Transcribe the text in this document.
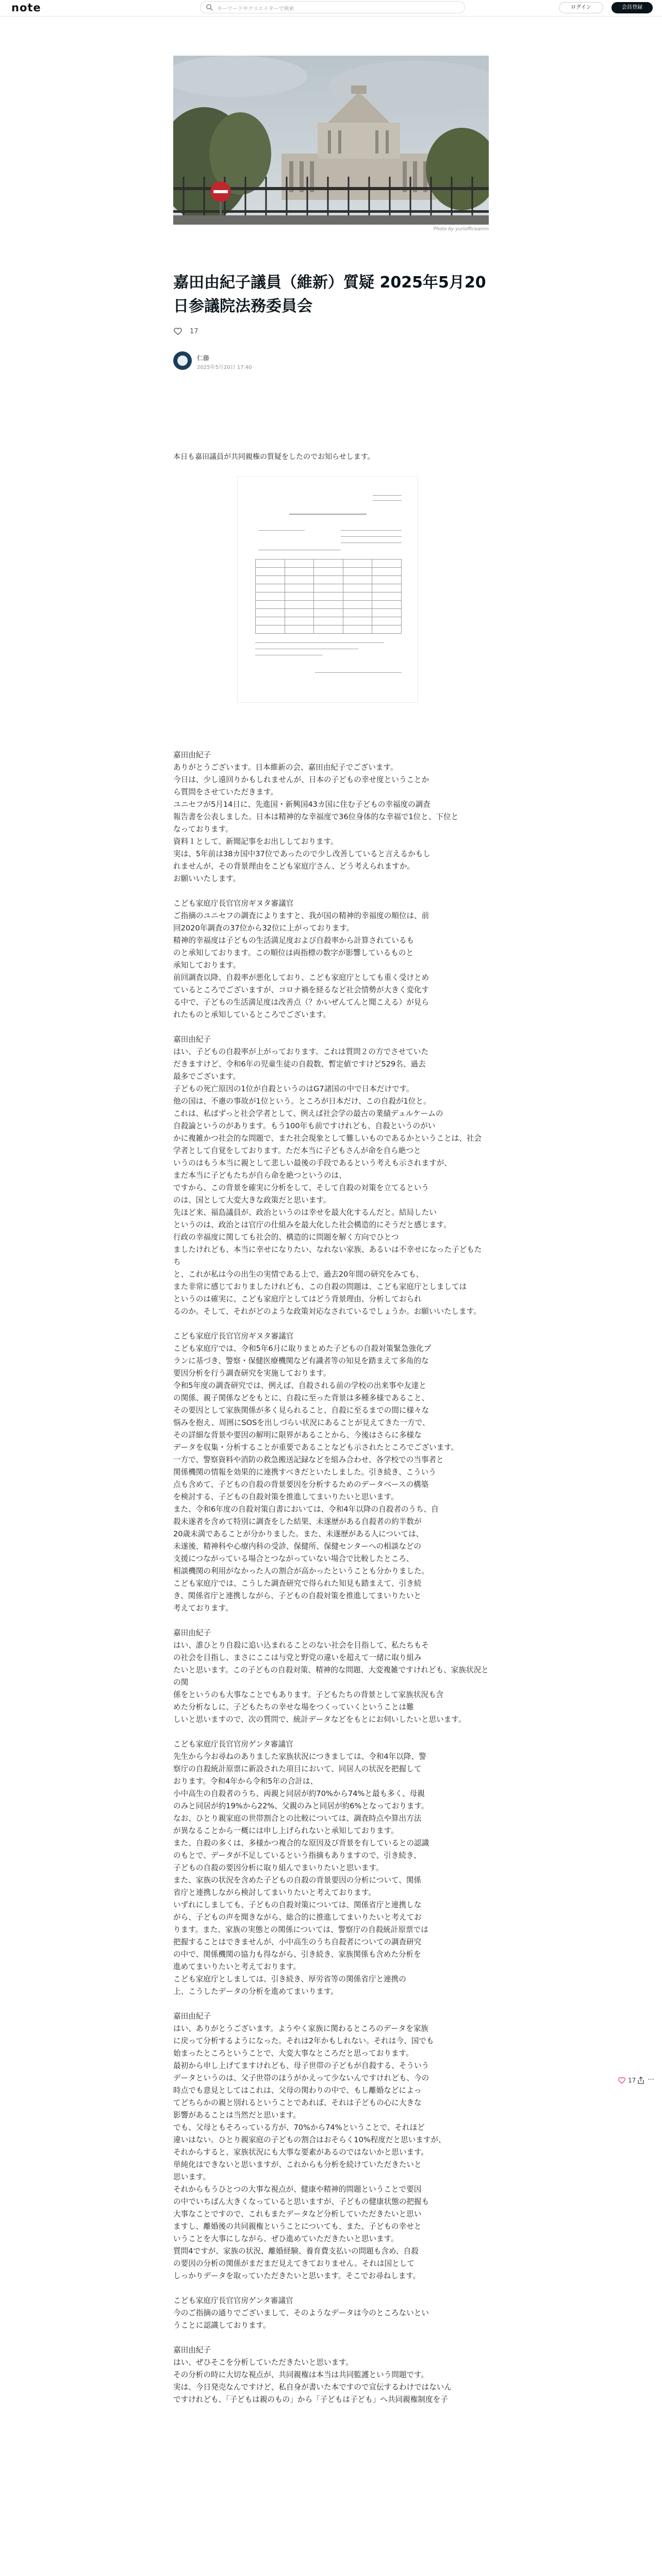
note	キーワードやクリエイターで検索	ログイン	会員登録
Photo by yuriofficeamin
嘉田由紀子議員（維新）質疑 2025年5月20日参議院法務委員会
17
仁藤
2025年5月20日 17:40

本日も嘉田議員が共同親権の質疑をしたのでお知らせします。

嘉田由紀子
ありがとうございます。日本維新の会、嘉田由紀子でございます。
今日は、少し遠回りかもしれませんが、日本の子どもの幸せ度ということか
ら質問をさせていただきます。
ユニセフが5月14日に、先進国・新興国43カ国に住む子どもの幸福度の調査
報告書を公表しました。日本は精神的な幸福度で36位身体的な幸福で1位と、下位と
なっております。
資料１として、新聞記事をお出ししております。
実は、5年前は38カ国中37位であったので少し改善していると言えるかもし
れませんが、その背景理由をこども家庭庁さん、どう考えられますか。
お願いいたします。

こども家庭庁長官官房ギヌタ審議官
ご指摘のユニセフの調査によりますと、我が国の精神的幸福度の順位は、前
回2020年調査の37位から32位に上がっております。
精神的幸福度は子どもの生活満足度および自殺率から計算されているも
のと承知しております。この順位は両指標の数字が影響しているものと
承知しております。
前回調査以降、自殺率が悪化しており、こども家庭庁としても重く受けとめ
ているところでございますが、コロナ禍を経るなど社会情勢が大きく変化す
る中で、子どもの生活満足度は改善点（？かいぜんてんと聞こえる）が見ら
れたものと承知しているところでございます。

嘉田由紀子
はい、子どもの自殺率が上がっております。これは質問２の方でさせていた
だきますけど、令和6年の児童生徒の自殺数、暫定値ですけど529名、過去
最多でございます。
子どもの死亡原因の1位が自殺というのはG7諸国の中で日本だけです。
他の国は、不慮の事故が1位という。ところが日本だけ、この自殺が1位と。
これは、私ばずっと社会学者として、例えば社会学の最古の業績デュルケームの
自殺論というのがあります。もう100年も前ですけれども、自殺というのがい
かに複雑かつ社会的な問題で、また社会現象として難しいものであるかということは、社会
学者として自覚をしております。ただ本当に子どもさんが命を自ら絶つと
いうのはもう本当に親として悲しい最後の手段であるという考えも示されますが、
まだ本当に子どもたちが自ら命を絶つというのは、
ですから、この背景を確実に分析をして、そして自殺の対策を立てるという
のは、国として大変大きな政策だと思います。
先ほど来、福島議員が、政治というのは幸せを最大化するんだと。結局したい
というのは、政治とは官庁の仕組みを最大化した社会構造的にそうだと感じます。
行政の幸福度に関しても社会的、構造的に問題を解く方向でひとつ
ましたけれども、本当に幸せになりたい、なれない家族、あるいは不幸せになった子どもたち
と、これが私は今の出生の実情である上で、過去20年間の研究をみても、
また非常に感じておりましたけれども、この自殺の問題は、こども家庭庁としましては
というのは確実に、こども家庭庁としてはどう背景理由、分析しておられ
るのか。そして、それがどのような政策対応なされているでしょうか。お願いいたします。

こども家庭庁長官官房ギヌタ審議官
こども家庭庁では、令和5年6月に取りまとめた子どもの自殺対策緊急強化プ
ランに基づき、警察・保健医療機関など有識者等の知見を踏まえて多角的な
要因分析を行う調査研究を実施しております。
令和5年度の調査研究では、例えば、自殺される前の学校の出来事や友達と
の関係、親子関係などをもとに、自殺に至った背景は多種多様であること、
その要因として家族関係が多く見られること、自殺に至るまでの間に様々な
悩みを抱え、周囲にSOSを出しづらい状況にあることが見えてきた一方で、
その詳細な背景や要因の解明に限界があることから、今後はさらに多様な
データを収集・分析することが重要であることなども示されたところでございます。
一方で、警察資料や消防の救急搬送記録などを組み合わせ、各学校での当事者と
関係機関の情報を効果的に連携すべきだといたしました。引き続き、こういう
点も含めて、子どもの自殺の背景要因を分析するためのデータベースの構築
を検討する、子どもの自殺対策を推進してまいりたいと思います。
また、令和6年度の自殺対策白書においては、令和4年以降の自殺者のうち、自
殺未遂者を含めて特別に調査をした結果、未遂歴がある自殺者の約半数が
20歳未満であることが分かりました。また、未遂歴がある人については、
未遂後、精神科や心療内科の受診、保健所、保健センターへの相談などの
支援につながっている場合とつながっていない場合で比較したところ、
相談機関の利用がなかった人の割合が高かったということも分かりました。
こども家庭庁では、こうした調査研究で得られた知見も踏まえて、引き続
き、関係省庁と連携しながら、子どもの自殺対策を推進してまいりたいと
考えております。

嘉田由紀子
はい、誰ひとり自殺に追い込まれることのない社会を目指して、私たちもそ
の社会を目指し、まさにここは与党と野党の違いを超えて一緒に取り組み
たいと思います。この子どもの自殺対策、精神的な問題、大変複雑ですけれども、家族状況との関
係をというのも大事なことでもあります。子どもたちの背景として家族状況も含
めた分析なしに、子どもたちの幸せな場をつくっていくということは難
しいと思いますので、次の質問で、統計データなどをもとにお伺いしたいと思います。

こども家庭庁長官官房ゲンタ審議官
先生から今お尋ねのありました家族状況につきましては、令和4年以降、警
察庁の自殺統計原票に新設された項目において、同居人の状況を把握して
おります。令和4年から令和5年の合計は、
小中高生の自殺者のうち、両親と同居が約70%から74%と最も多く、母親
のみと同居が約19%から22%、父親のみと同居が約6%となっております。
なお、ひとり親家庭の世帯割合との比較については、調査時点や算出方法
が異なることから一概には申し上げられないと承知しております。
また、自殺の多くは、多様かつ複合的な原因及び背景を有しているとの認識
のもとで、データが不足しているという指摘もありますので、引き続き、
子どもの自殺の要因分析に取り組んでまいりたいと思います。
また、家族の状況を含めた子どもの自殺の背景要因の分析について、関係
省庁と連携しながら検討してまいりたいと考えております。
いずれにしましても、子どもの自殺対策については、関係省庁と連携しな
がら、子どもの声を聞きながら、総合的に推進してまいりたいと考えてお
ります。また、家族の実態との関係については、警察庁の自殺統計原票では
把握することはできませんが、小中高生のうち自殺者についての調査研究
の中で、関係機関の協力も得ながら、引き続き、家族関係も含めた分析を
進めてまいりたいと考えております。
こども家庭庁としましては、引き続き、厚労省等の関係省庁と連携の
上、こうしたデータの分析を進めてまいります。

嘉田由紀子
はい、ありがとうございます。ようやく家族に関わるところのデータを家族
に戻って分析するようになった。それは2年かもしれない。それは今、国でも
始まったところということで、大変大事なところだと思っております。
最初から申し上げてますけれども、母子世帯の子どもが自殺する、そういう
データというのは、父子世帯のほうがかえって少ないんですけれども、今の
時点でも意見としてはこれは、父母の関わりの中で、もし離婚などによっ
てどちらかの親と別れるということであれば、それは子どもの心に大きな
影響があることは当然だと思います。
でも、父母ともそろっている方が、70%から74%ということで、それほど
違いはない。ひとり親家庭の子どもの割合はおそらく10%程度だと思いますが、
それからすると、家族状況にも大事な要素があるのではないかと思います。
単純化はできないと思いますが、これからも分析を続けていただきたいと
思います。
それからもうひとつの大事な視点が、健康や精神的問題ということで要因
の中でいちばん大きくなっていると思いますが、子どもの健康状態の把握も
大事なことですので、これもまたデータなど分析していただきたいと思い
ますし、離婚後の共同親権ということについても、また、子どもの幸せと
いうことを大事にしながら、ぜひ進めていただきたいと思います。
質問4ですが、家族の状況、離婚経験、養育費支払いの問題も含め、自殺
の要因の分析の関係がまだまだ見えてきておりません。それは国として
しっかりデータを取っていただきたいと思います。そこでお尋ねします。

こども家庭庁長官官房ゲンタ審議官
今のご指摘の通りでございまして、そのようなデータは今のところないとい
うことに認識しております。

嘉田由紀子
はい、ぜひそこを分析していただきたいと思います。
その分析の時に大切な視点が、共同親権は本当は共同監護という問題です。
実は、今日発売なんですけど、私自身が書いた本ですので宣伝するわけではないん
ですけれども、「子どもは親のもの」から「子どもは子ども」へ共同親権制度を子

17 ⋯
